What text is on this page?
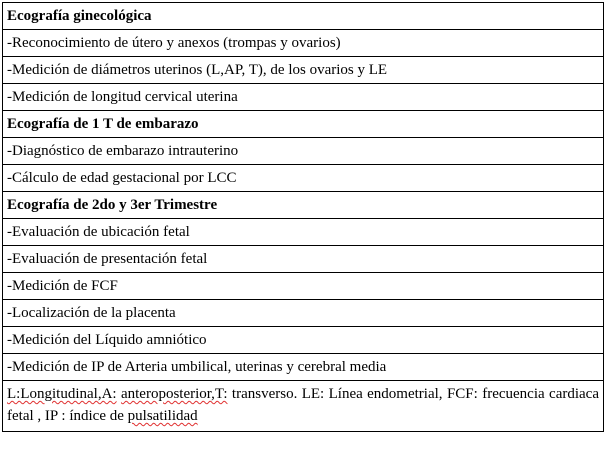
Ecografía ginecológica
-Reconocimiento de útero y anexos (trompas y ovarios)
-Medición de diámetros uterinos (L,AP, T), de los ovarios y LE
-Medición de longitud cervical uterina
Ecografía de 1 T de embarazo
-Diagnóstico de embarazo intrauterino
-Cálculo de edad gestacional por LCC
Ecografía de 2do y 3er Trimestre
-Evaluación de ubicación fetal
-Evaluación de presentación fetal
-Medición de FCF
-Localización de la placenta
-Medición del Líquido amniótico
-Medición de IP de Arteria umbilical, uterinas y cerebral media
L:Longitudinal,A: anteroposterior,T: transverso. LE: Línea endometrial, FCF: frecuencia cardiaca fetal , IP : índice de pulsatilidad
